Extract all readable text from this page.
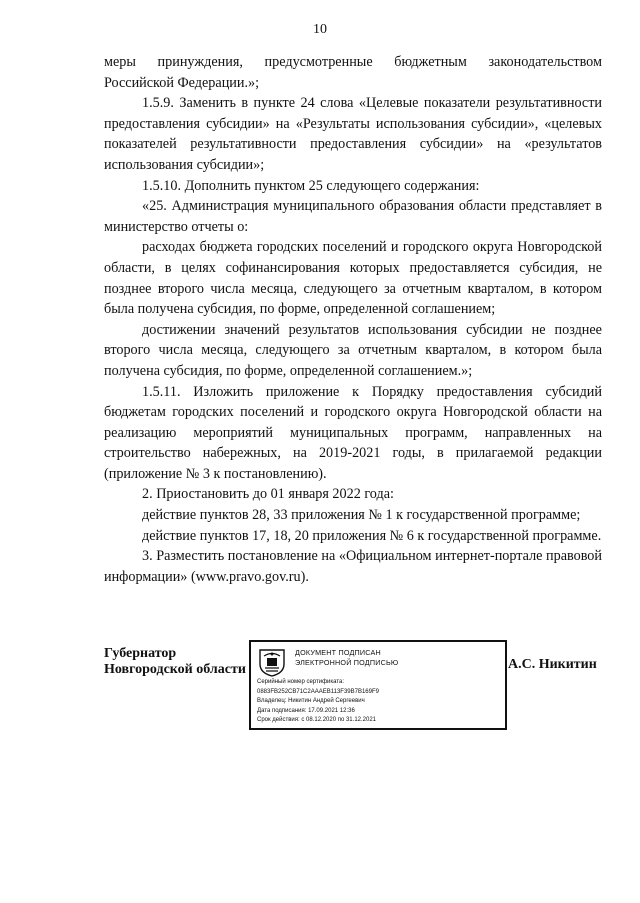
10

меры принуждения, предусмотренные бюджетным законодательством Российской Федерации.»;

1.5.9. Заменить в пункте 24 слова «Целевые показатели результативности предоставления субсидии» на «Результаты использования субсидии», «целевых показателей результативности предоставления субсидии» на «результатов использования субсидии»;

1.5.10. Дополнить пунктом 25 следующего содержания:

«25. Администрация муниципального образования области представляет в министерство отчеты о:

расходах бюджета городских поселений и городского округа Новгородской области, в целях софинансирования которых предоставляется субсидия, не позднее второго числа месяца, следующего за отчетным кварталом, в котором была получена субсидия, по форме, определенной соглашением;

достижении значений результатов использования субсидии не позднее второго числа месяца, следующего за отчетным кварталом, в котором была получена субсидия, по форме, определенной соглашением.»;

1.5.11. Изложить приложение к Порядку предоставления субсидий бюджетам городских поселений и городского округа Новгородской области на реализацию мероприятий муниципальных программ, направленных на строительство набережных, на 2019-2021 годы, в прилагаемой редакции (приложение № 3 к постановлению).

2. Приостановить до 01 января 2022 года:

действие пунктов 28, 33 приложения № 1 к государственной программе;

действие пунктов 17, 18, 20 приложения № 6 к государственной программе.

3. Разместить постановление на «Официальном интернет-портале правовой информации» (www.pravo.gov.ru).

Губернатор
Новгородской области
ДОКУМЕНТ ПОДПИСАН
ЭЛЕКТРОННОЙ ПОДПИСЬЮ
Серийный номер сертификата:
0883FB252CB71C2AAAEB113F39B7B169F9
Владелец: Никитин Андрей Сергеевич
Дата подписания: 17.09.2021 12:36
Срок действия: с 08.12.2020 по 31.12.2021
А.С. Никитин
